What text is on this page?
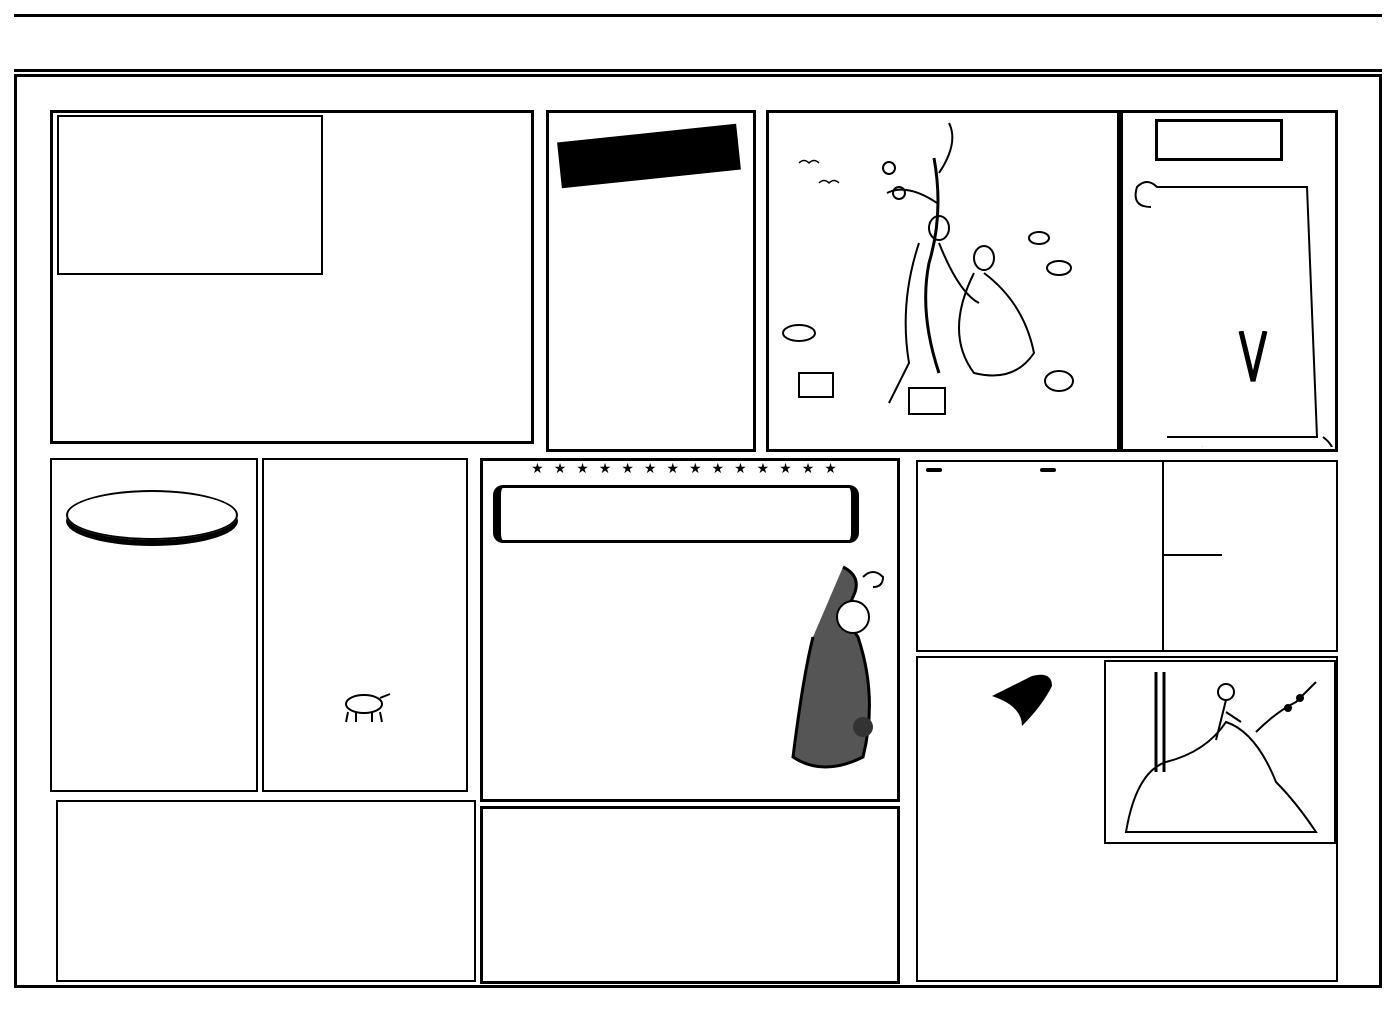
★★★★★★★★★★★★★★
